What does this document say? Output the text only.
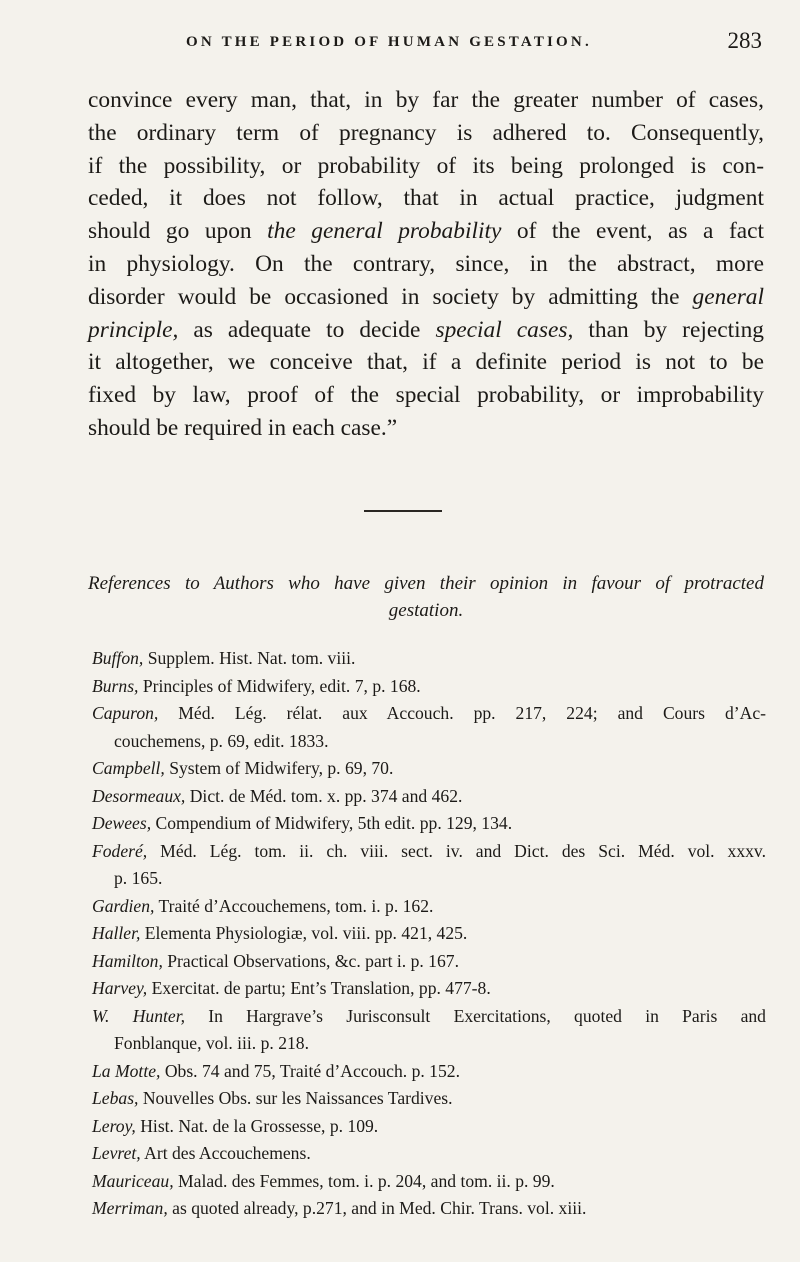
ON THE PERIOD OF HUMAN GESTATION.	283
convince every man, that, in by far the greater number of cases,
the ordinary term of pregnancy is adhered to. Consequently,
if the possibility, or probability of its being prolonged is con-
ceded, it does not follow, that in actual practice, judgment
should go upon the general probability of the event, as a fact
in physiology. On the contrary, since, in the abstract, more
disorder would be occasioned in society by admitting the general
principle, as adequate to decide special cases, than by rejecting
it altogether, we conceive that, if a definite period is not to be
fixed by law, proof of the special probability, or improbability
should be required in each case.”
References to Authors who have given their opinion in favour of protracted
gestation.
Buffon, Supplem. Hist. Nat. tom. viii.
Burns, Principles of Midwifery, edit. 7, p. 168.
Capuron, Méd. Lég. rélat. aux Accouch. pp. 217, 224; and Cours d’Ac-
couchemens, p. 69, edit. 1833.
Campbell, System of Midwifery, p. 69, 70.
Desormeaux, Dict. de Méd. tom. x. pp. 374 and 462.
Dewees, Compendium of Midwifery, 5th edit. pp. 129, 134.
Foderé, Méd. Lég. tom. ii. ch. viii. sect. iv. and Dict. des Sci. Méd. vol. xxxv.
p. 165.
Gardien, Traité d’Accouchemens, tom. i. p. 162.
Haller, Elementa Physiologiæ, vol. viii. pp. 421, 425.
Hamilton, Practical Observations, &c. part i. p. 167.
Harvey, Exercitat. de partu; Ent’s Translation, pp. 477-8.
W. Hunter, In Hargrave’s Jurisconsult Exercitations, quoted in Paris and
Fonblanque, vol. iii. p. 218.
La Motte, Obs. 74 and 75, Traité d’Accouch. p. 152.
Lebas, Nouvelles Obs. sur les Naissances Tardives.
Leroy, Hist. Nat. de la Grossesse, p. 109.
Levret, Art des Accouchemens.
Mauriceau, Malad. des Femmes, tom. i. p. 204, and tom. ii. p. 99.
Merriman, as quoted already, p.271, and in Med. Chir. Trans. vol. xiii.
